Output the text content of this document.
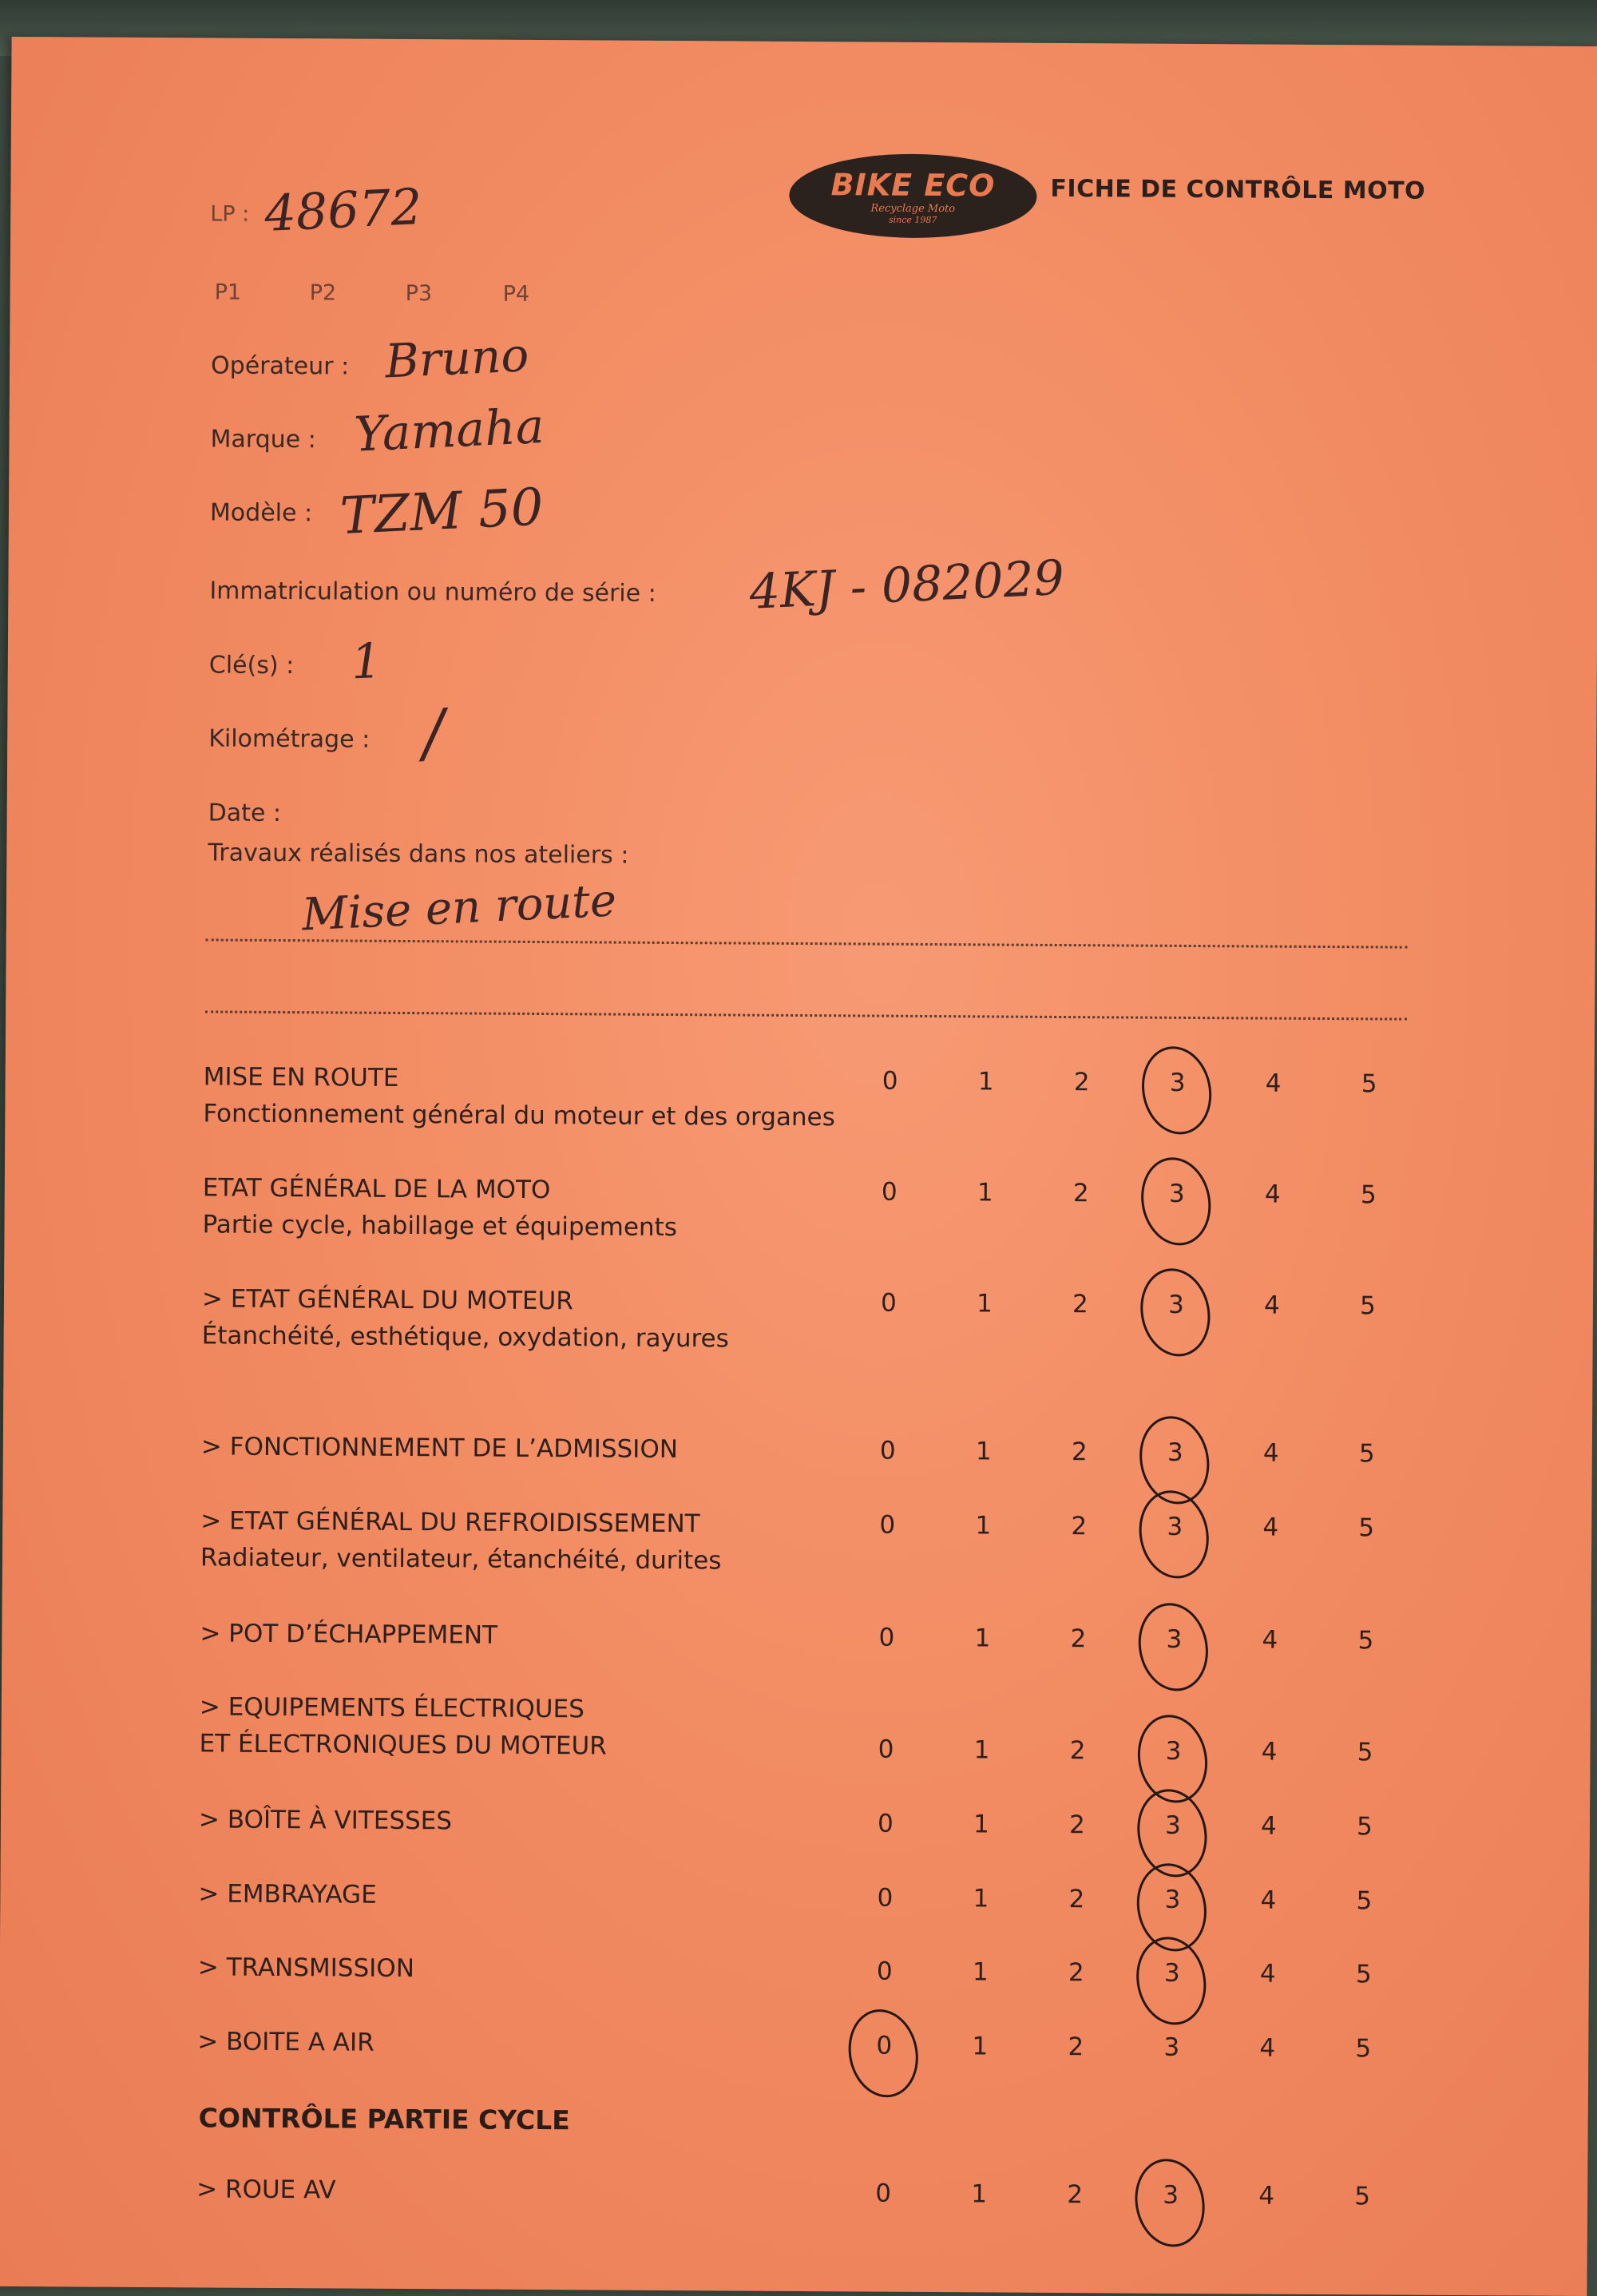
BIKE ECO
Recyclage Moto
since 1987
FICHE DE CONTRÔLE MOTO
LP : 48672
P1	P2	P3	P4
Opérateur : Bruno
Marque : Yamaha
Modèle : TZM 50
Immatriculation ou numéro de série : 4KJ - 082029
Clé(s) : 1
Kilométrage : /
Date :
Travaux réalisés dans nos ateliers :
Mise en route
MISE EN ROUTE
Fonctionnement général du moteur et des organes
0	1	2	3	4	5
ETAT GÉNÉRAL DE LA MOTO
Partie cycle, habillage et équipements
0	1	2	3	4	5
> ETAT GÉNÉRAL DU MOTEUR
Étanchéité, esthétique, oxydation, rayures
0	1	2	3	4	5
> FONCTIONNEMENT DE L’ADMISSION	0	1	2	3	4	5
> ETAT GÉNÉRAL DU REFROIDISSEMENT
Radiateur, ventilateur, étanchéité, durites
0	1	2	3	4	5
> POT D’ÉCHAPPEMENT	0	1	2	3	4	5
> EQUIPEMENTS ÉLECTRIQUES
ET ÉLECTRONIQUES DU MOTEUR	0	1	2	3	4	5
> BOÎTE À VITESSES	0	1	2	3	4	5
> EMBRAYAGE	0	1	2	3	4	5
> TRANSMISSION	0	1	2	3	4	5
> BOITE A AIR	0	1	2	3	4	5
CONTRÔLE PARTIE CYCLE
> ROUE AV	0	1	2	3	4	5
